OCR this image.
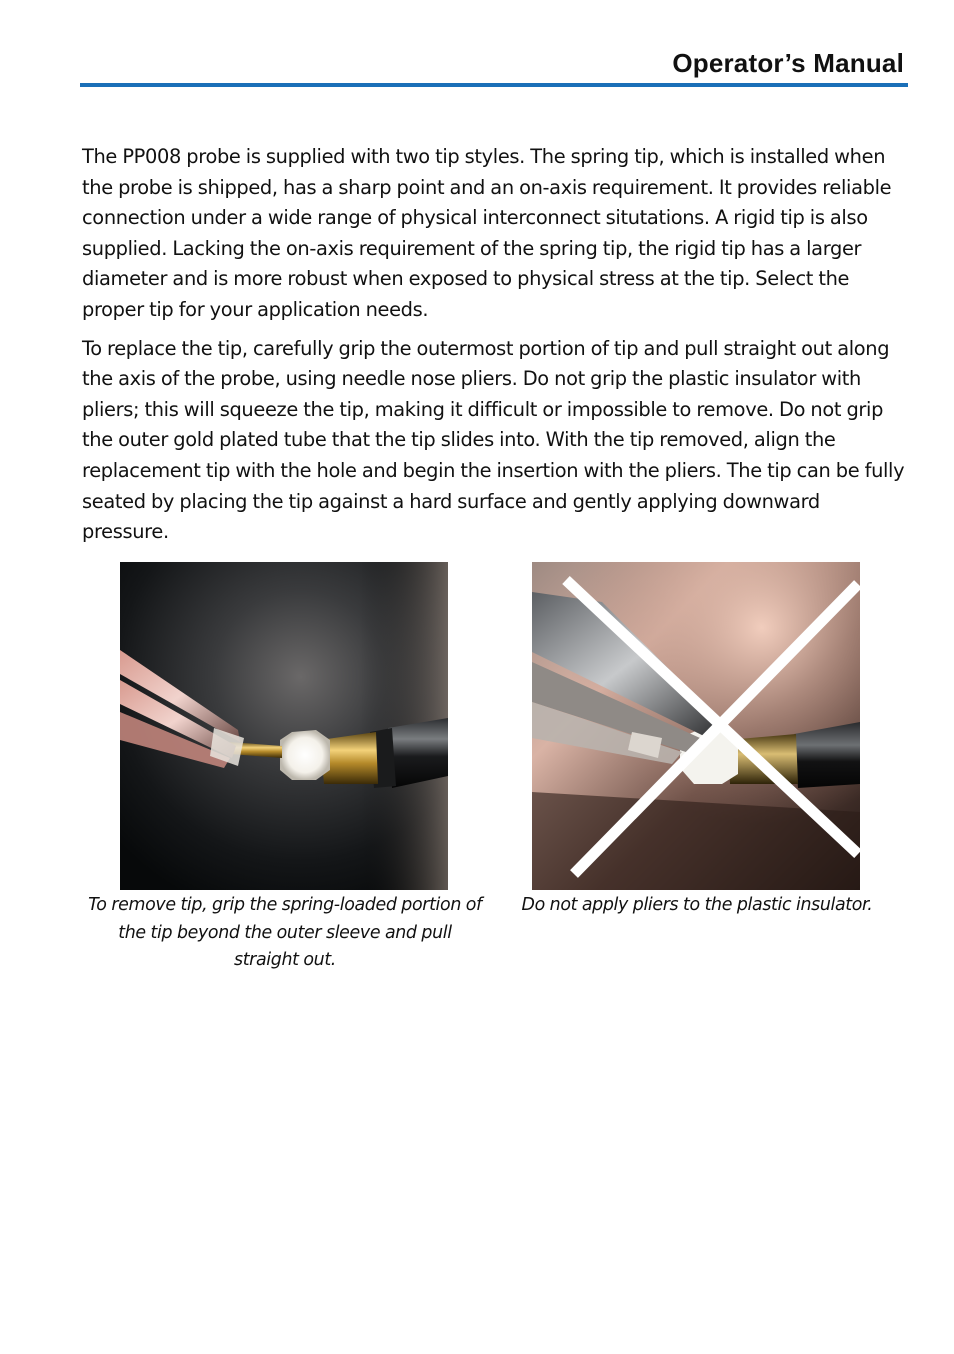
Operator’s Manual

The PP008 probe is supplied with two tip styles. The spring tip, which is installed when the probe is shipped, has a sharp point and an on-axis requirement. It provides reliable connection under a wide range of physical interconnect situtations. A rigid tip is also supplied. Lacking the on-axis requirement of the spring tip, the rigid tip has a larger diameter and is more robust when exposed to physical stress at the tip. Select the proper tip for your application needs.

To replace the tip, carefully grip the outermost portion of tip and pull straight out along the axis of the probe, using needle nose pliers. Do not grip the plastic insulator with pliers; this will squeeze the tip, making it difficult or impossible to remove. Do not grip the outer gold plated tube that the tip slides into. With the tip removed, align the replacement tip with the hole and begin the insertion with the pliers. The tip can be fully seated by placing the tip against a hard surface and gently applying downward pressure.

To remove tip, grip the spring-loaded portion of the tip beyond the outer sleeve and pull straight out.
Do not apply pliers to the plastic insulator.
